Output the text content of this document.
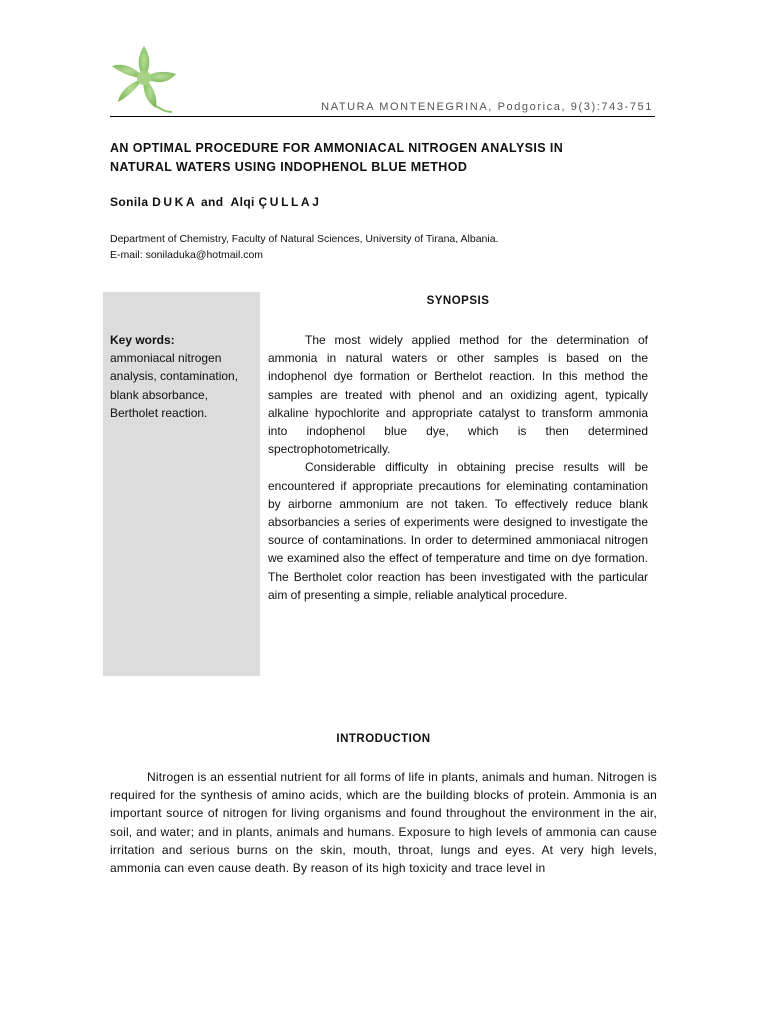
NATURA MONTENEGRINA, Podgorica, 9(3):743-751
AN OPTIMAL PROCEDURE FOR AMMONIACAL NITROGEN ANALYSIS IN
NATURAL WATERS USING INDOPHENOL BLUE METHOD
Sonila DUKA and Alqi ÇULLAJ
Department of Chemistry, Faculty of Natural Sciences, University of Tirana, Albania.
E-mail: soniladuka@hotmail.com
Key words:
ammoniacal nitrogen analysis, contamination, blank absorbance, Bertholet reaction.
SYNOPSIS

The most widely applied method for the determination of ammonia in natural waters or other samples is based on the indophenol dye formation or Berthelot reaction. In this method the samples are treated with phenol and an oxidizing agent, typically alkaline hypochlorite and appropriate catalyst to transform ammonia into indophenol blue dye, which is then determined spectrophotometrically.

Considerable difficulty in obtaining precise results will be encountered if appropriate precautions for eleminating contamination by airborne ammonium are not taken. To effectively reduce blank absorbancies a series of experiments were designed to investigate the source of contaminations. In order to determined ammoniacal nitrogen we examined also the effect of temperature and time on dye formation. The Bertholet color reaction has been investigated with the particular aim of presenting a simple, reliable analytical procedure.

INTRODUCTION

Nitrogen is an essential nutrient for all forms of life in plants, animals and human. Nitrogen is required for the synthesis of amino acids, which are the building blocks of protein. Ammonia is an important source of nitrogen for living organisms and found throughout the environment in the air, soil, and water; and in plants, animals and humans. Exposure to high levels of ammonia can cause irritation and serious burns on the skin, mouth, throat, lungs and eyes. At very high levels, ammonia can even cause death. By reason of its high toxicity and trace level in
